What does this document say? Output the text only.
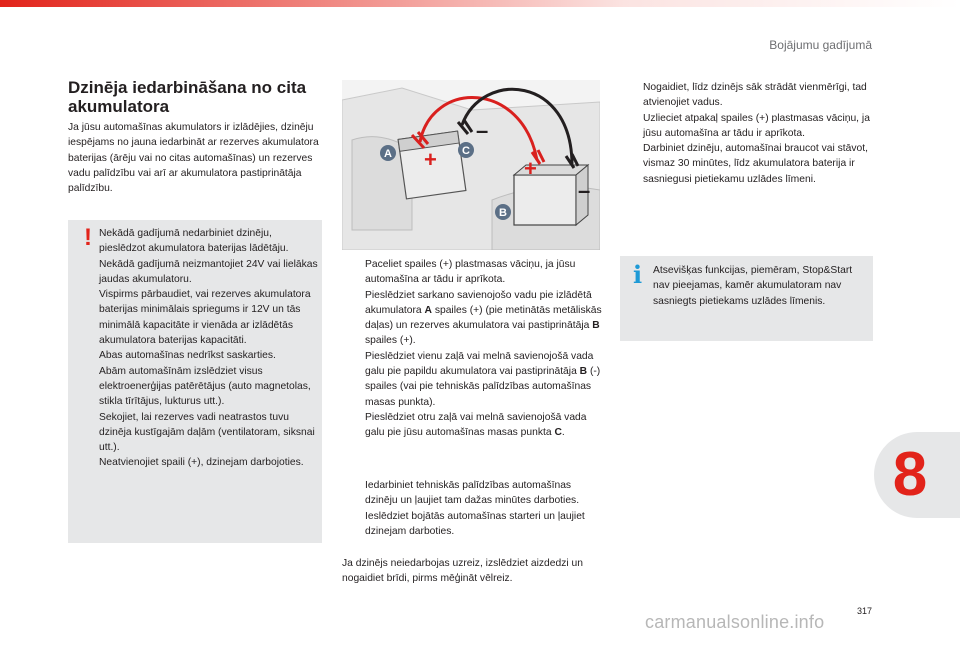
Bojājumu gadījumā
8
Dzinēja iedarbināšana no cita akumulatora

Ja jūsu automašīnas akumulators ir izlādējies, dzinēju iespējams no jauna iedarbināt ar rezerves akumulatora baterijas (ārēju vai no citas automašīnas) un rezerves vadu palīdzību vai arī ar akumulatora pastiprinātāja palīdzību.

! Nekādā gadījumā nedarbiniet dzinēju, pieslēdzot akumulatora baterijas lādētāju.
Nekādā gadījumā neizmantojiet 24V vai lielākas jaudas akumulatoru.
Vispirms pārbaudiet, vai rezerves akumulatora baterijas minimālais spriegums ir 12V un tās minimālā kapacitāte ir vienāda ar izlādētās akumulatora baterijas kapacitāti.
Abas automašīnas nedrīkst saskarties.
Abām automašīnām izslēdziet visus elektroenerģijas patērētājus (auto magnetolas, stikla tīrītājus, lukturus utt.).
Sekojiet, lai rezerves vadi neatrastos tuvu dzinēja kustīgajām daļām (ventilatoram, siksnai utt.).
Neatvienojiet spaili (+), dzinejam darbojoties.

+	+
–
–
A	C
B
Paceliet spailes (+) plastmasas vāciņu, ja jūsu automašīna ar tādu ir aprīkota.
Pieslēdziet sarkano savienojošo vadu pie izlādētā akumulatora A spailes (+) (pie metinātās metāliskās daļas) un rezerves akumulatora vai pastiprinātāja B spailes (+).
Pieslēdziet vienu zaļā vai melnā savienojošā vada galu pie papildu akumulatora vai pastiprinātāja B (-) spailes (vai pie tehniskās palīdzības automašīnas masas punkta).
Pieslēdziet otru zaļā vai melnā savienojošā vada galu pie jūsu automašīnas masas punkta C.
Iedarbiniet tehniskās palīdzības automašīnas dzinēju un ļaujiet tam dažas minūtes darboties.
Ieslēdziet bojātās automašīnas starteri un ļaujiet dzinejam darboties.

Ja dzinējs neiedarbojas uzreiz, izslēdziet aizdedzi un nogaidiet brīdi, pirms mēģināt vēlreiz.

Nogaidiet, līdz dzinējs sāk strādāt vienmērīgi, tad atvienojiet vadus.
Uzlieciet atpakaļ spailes (+) plastmasas vāciņu, ja jūsu automašīna ar tādu ir aprīkota.
Darbiniet dzinēju, automašīnai braucot vai stāvot, vismaz 30 minūtes, līdz akumulatora baterija ir sasniegusi pietiekamu uzlādes līmeni.
i Atsevišķas funkcijas, piemēram, Stop&Start nav pieejamas, kamēr akumulatoram nav sasniegts pietiekams uzlādes līmenis.

317
carmanualsonline.info
